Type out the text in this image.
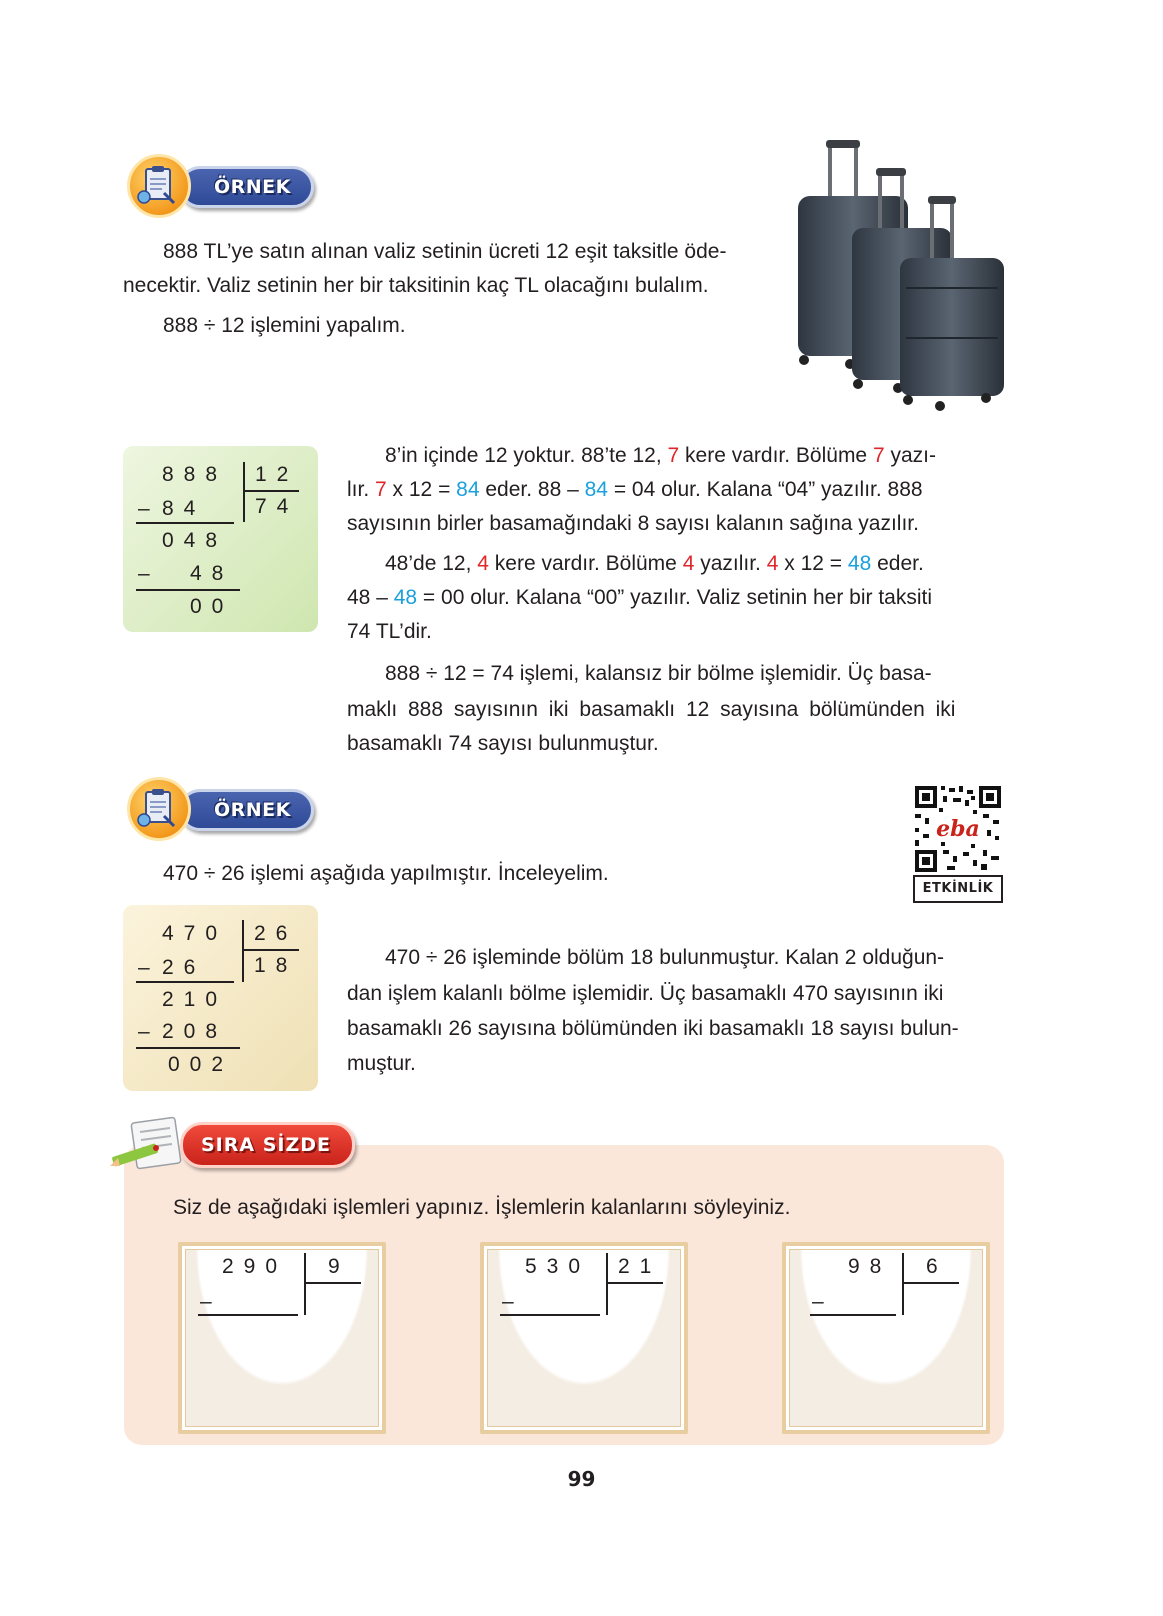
ÖRNEK
888 TL’ye satın alınan valiz setinin ücreti 12 eşit taksitle öde-
necektir. Valiz setinin her bir taksitinin kaç TL olacağını bulalım.
888 ÷ 12 işlemini yapalım.
888 12
74
– 84
048
– 48
00
8’in içinde 12 yoktur. 88’te 12, 7 kere vardır. Bölüme 7 yazı-
lır. 7 x 12 = 84 eder. 88 – 84 = 04 olur. Kalana “04” yazılır. 888
sayısının birler basamağındaki 8 sayısı kalanın sağına yazılır.
48’de 12, 4 kere vardır. Bölüme 4 yazılır. 4 x 12 = 48 eder.
48 – 48 = 00 olur. Kalana “00” yazılır. Valiz setinin her bir taksiti
74 TL’dir.
888 ÷ 12 = 74 işlemi, kalansız bir bölme işlemidir. Üç basa-
maklı 888 sayısının iki basamaklı 12 sayısına bölümünden iki
basamaklı 74 sayısı bulunmuştur.
ÖRNEK
eba
ETKİNLİK
470 ÷ 26 işlemi aşağıda yapılmıştır. İnceleyelim.
470 26
18
– 26
210
– 208
002
470 ÷ 26 işleminde bölüm 18 bulunmuştur. Kalan 2 olduğun-
dan işlem kalanlı bölme işlemidir. Üç basamaklı 470 sayısının iki
basamaklı 26 sayısına bölümünden iki basamaklı 18 sayısı bulun-
muştur.
SIRA SİZDE
Siz de aşağıdaki işlemleri yapınız. İşlemlerin kalanlarını söyleyiniz.
290 9
–
530 21
–
98 6
–
99
